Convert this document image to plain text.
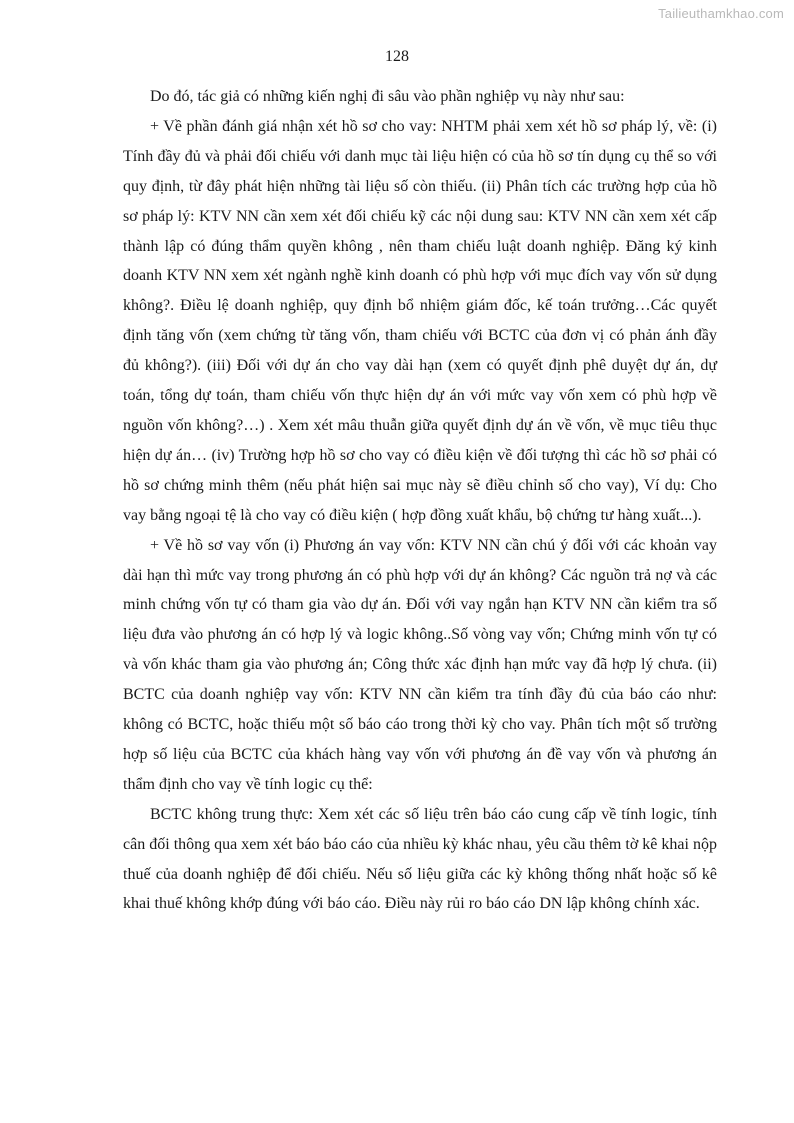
Tailieuthamkhao.com
128

Do đó, tác giả có những kiến nghị đi sâu vào phần nghiệp vụ này như sau:

+ Về phần đánh giá nhận xét hồ sơ cho vay: NHTM phải xem xét hồ sơ pháp lý, về: (i) Tính đầy đủ và phải đối chiếu với danh mục tài liệu hiện có của hồ sơ tín dụng cụ thể so với quy định, từ đây phát hiện những tài liệu số còn thiếu. (ii) Phân tích các trường hợp của hồ sơ pháp lý: KTV NN cần xem xét đối chiếu kỹ các nội dung sau: KTV NN cần xem xét cấp thành lập có đúng thẩm quyền không , nên tham chiếu luật doanh nghiệp. Đăng ký kinh doanh KTV NN xem xét ngành nghề kinh doanh có phù hợp với mục đích vay vốn sử dụng không?. Điều lệ doanh nghiệp, quy định bổ nhiệm giám đốc, kế toán trưởng…Các quyết định tăng vốn (xem chứng từ tăng vốn, tham chiếu với BCTC của đơn vị có phản ánh đầy đủ không?). (iii) Đối với dự án cho vay dài hạn (xem có quyết định phê duyệt dự án, dự toán, tổng dự toán, tham chiếu vốn thực hiện dự án với mức vay vốn xem có phù hợp về nguồn vốn không?…) . Xem xét mâu thuẫn giữa quyết định dự án về vốn, về mục tiêu thục hiện dự án… (iv) Trường hợp hồ sơ cho vay có điều kiện về đối tượng thì các hồ sơ phải có hồ sơ chứng minh thêm (nếu phát hiện sai mục này sẽ điều chỉnh số cho vay), Ví dụ: Cho vay bằng ngoại tệ là cho vay có điều kiện ( hợp đồng xuất khẩu, bộ chứng tư hàng xuất...).

+ Về hồ sơ vay vốn (i) Phương án vay vốn: KTV NN cần chú ý đối với các khoản vay dài hạn thì mức vay trong phương án có phù hợp với dự án không? Các nguồn trả nợ và các minh chứng vốn tự có tham gia vào dự án. Đối với vay ngắn hạn KTV NN cần kiểm tra số liệu đưa vào phương án có hợp lý và logic không..Số vòng vay vốn; Chứng minh vốn tự có và vốn khác tham gia vào phương án; Công thức xác định hạn mức vay đã hợp lý chưa. (ii) BCTC của doanh nghiệp vay vốn: KTV NN cần kiểm tra tính đầy đủ của báo cáo như: không có BCTC, hoặc thiếu một số báo cáo trong thời kỳ cho vay. Phân tích một số trường hợp số liệu của BCTC của khách hàng vay vốn với phương án đề vay vốn và phương án thẩm định cho vay về tính logic cụ thể:

BCTC không trung thực: Xem xét các số liệu trên báo cáo cung cấp về tính logic, tính cân đối thông qua xem xét báo báo cáo của nhiều kỳ khác nhau, yêu cầu thêm tờ kê khai nộp thuế của doanh nghiệp để đối chiếu. Nếu số liệu giữa các kỳ không thống nhất hoặc số kê khai thuế không khớp đúng với báo cáo. Điều này rủi ro báo cáo DN lập không chính xác.
